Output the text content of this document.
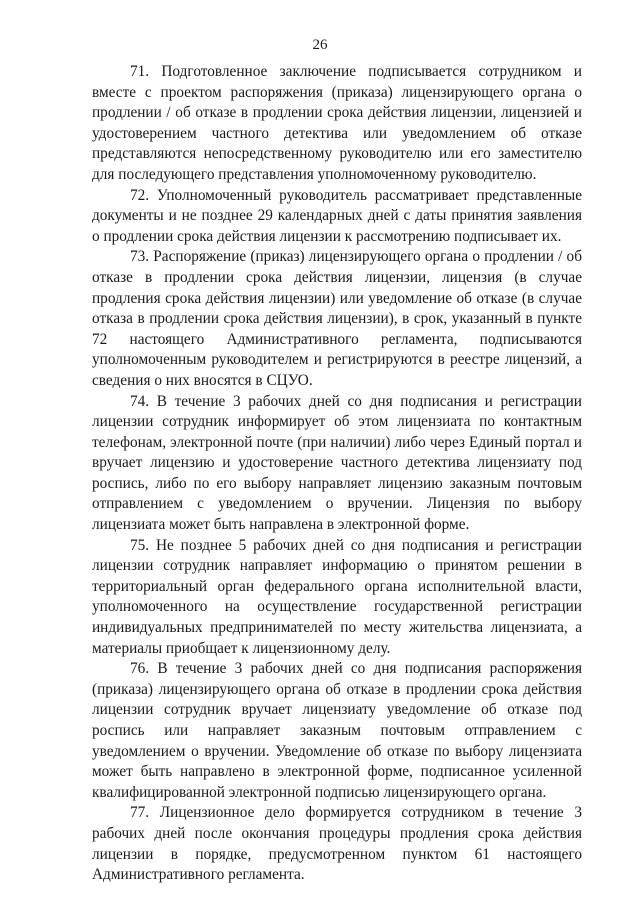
26

71. Подготовленное заключение подписывается сотрудником и вместе с проектом распоряжения (приказа) лицензирующего органа о продлении / об отказе в продлении срока действия лицензии, лицензией и удостоверением частного детектива или уведомлением об отказе представляются непосредственному руководителю или его заместителю для последующего представления уполномоченному руководителю.

72. Уполномоченный руководитель рассматривает представленные документы и не позднее 29 календарных дней с даты принятия заявления о продлении срока действия лицензии к рассмотрению подписывает их.

73. Распоряжение (приказ) лицензирующего органа о продлении / об отказе в продлении срока действия лицензии, лицензия (в случае продления срока действия лицензии) или уведомление об отказе (в случае отказа в продлении срока действия лицензии), в срок, указанный в пункте 72 настоящего Административного регламента, подписываются уполномоченным руководителем и регистрируются в реестре лицензий, а сведения о них вносятся в СЦУО.

74. В течение 3 рабочих дней со дня подписания и регистрации лицензии сотрудник информирует об этом лицензиата по контактным телефонам, электронной почте (при наличии) либо через Единый портал и вручает лицензию и удостоверение частного детектива лицензиату под роспись, либо по его выбору направляет лицензию заказным почтовым отправлением с уведомлением о вручении. Лицензия по выбору лицензиата может быть направлена в электронной форме.

75. Не позднее 5 рабочих дней со дня подписания и регистрации лицензии сотрудник направляет информацию о принятом решении в территориальный орган федерального органа исполнительной власти, уполномоченного на осуществление государственной регистрации индивидуальных предпринимателей по месту жительства лицензиата, а материалы приобщает к лицензионному делу.

76. В течение 3 рабочих дней со дня подписания распоряжения (приказа) лицензирующего органа об отказе в продлении срока действия лицензии сотрудник вручает лицензиату уведомление об отказе под роспись или направляет заказным почтовым отправлением с уведомлением о вручении. Уведомление об отказе по выбору лицензиата может быть направлено в электронной форме, подписанное усиленной квалифицированной электронной подписью лицензирующего органа.

77. Лицензионное дело формируется сотрудником в течение 3 рабочих дней после окончания процедуры продления срока действия лицензии в порядке, предусмотренном пунктом 61 настоящего Административного регламента.
